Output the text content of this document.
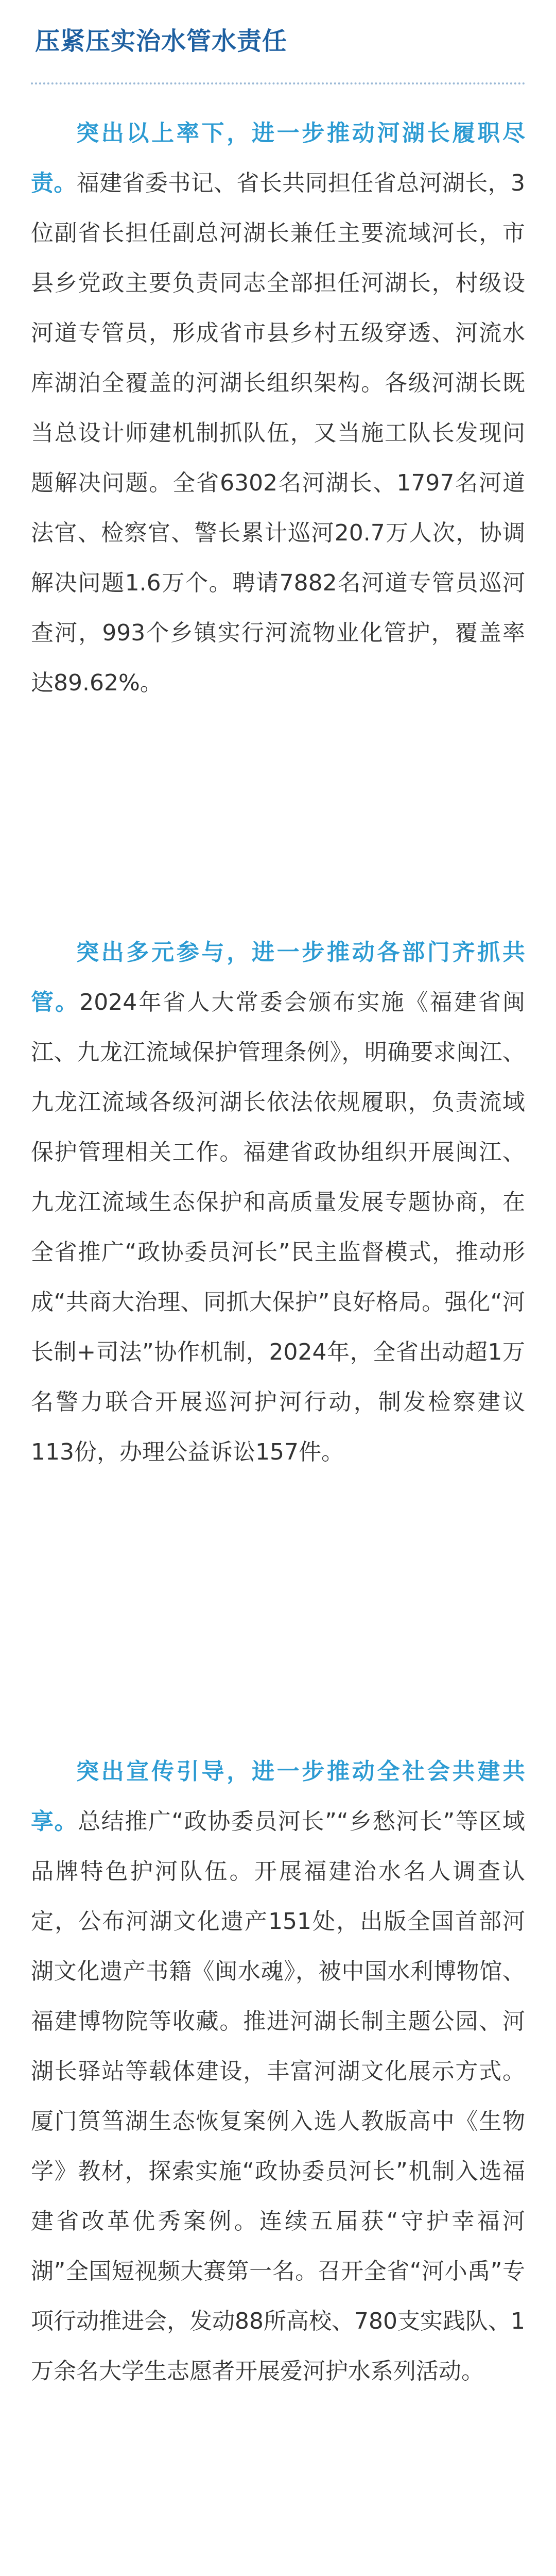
压紧压实治水管水责任

突出以上率下，进一步推动河湖长履职尽责。福建省委书记、省长共同担任省总河湖长，3位副省长担任副总河湖长兼任主要流域河长，市县乡党政主要负责同志全部担任河湖长，村级设河道专管员，形成省市县乡村五级穿透、河流水库湖泊全覆盖的河湖长组织架构。各级河湖长既当总设计师建机制抓队伍，又当施工队长发现问题解决问题。全省6302名河湖长、1797名河道法官、检察官、警长累计巡河20.7万人次，协调解决问题1.6万个。聘请7882名河道专管员巡河查河，993个乡镇实行河流物业化管护，覆盖率达89.62%。

突出多元参与，进一步推动各部门齐抓共管。2024年省人大常委会颁布实施《福建省闽江、九龙江流域保护管理条例》，明确要求闽江、九龙江流域各级河湖长依法依规履职，负责流域保护管理相关工作。福建省政协组织开展闽江、九龙江流域生态保护和高质量发展专题协商，在全省推广“政协委员河长”民主监督模式，推动形成“共商大治理、同抓大保护”良好格局。强化“河长制+司法”协作机制，2024年，全省出动超1万名警力联合开展巡河护河行动，制发检察建议113份，办理公益诉讼157件。

突出宣传引导，进一步推动全社会共建共享。总结推广“政协委员河长”“乡愁河长”等区域品牌特色护河队伍。开展福建治水名人调查认定，公布河湖文化遗产151处，出版全国首部河湖文化遗产书籍《闽水魂》，被中国水利博物馆、福建博物院等收藏。推进河湖长制主题公园、河湖长驿站等载体建设，丰富河湖文化展示方式。厦门筼筜湖生态恢复案例入选人教版高中《生物学》教材，探索实施“政协委员河长”机制入选福建省改革优秀案例。连续五届获“守护幸福河湖”全国短视频大赛第一名。召开全省“河小禹”专项行动推进会，发动88所高校、780支实践队、1万余名大学生志愿者开展爱河护水系列活动。
